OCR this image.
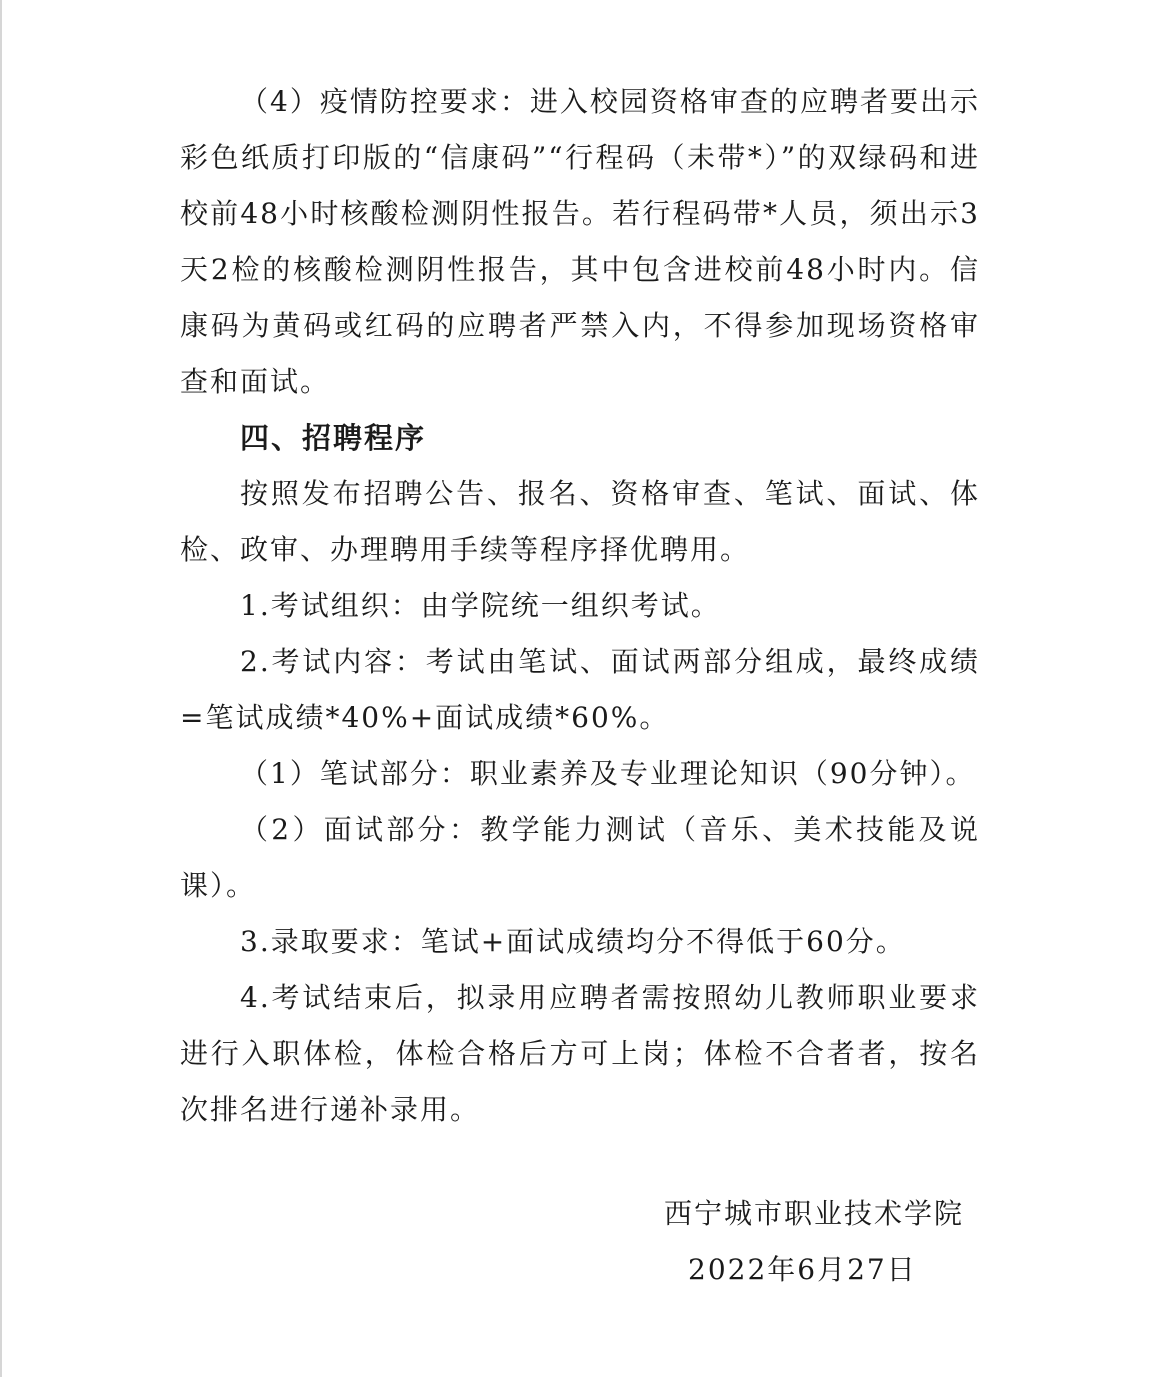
（4）疫情防控要求：进入校园资格审查的应聘者要出示彩色纸质打印版的“信康码”“行程码（未带*）”的双绿码和进校前48小时核酸检测阴性报告。若行程码带*人员，须出示3天2检的核酸检测阴性报告，其中包含进校前48小时内。信康码为黄码或红码的应聘者严禁入内，不得参加现场资格审查和面试。

四、招聘程序

按照发布招聘公告、报名、资格审查、笔试、面试、体检、政审、办理聘用手续等程序择优聘用。

1.考试组织：由学院统一组织考试。

2.考试内容：考试由笔试、面试两部分组成，最终成绩=笔试成绩*40%+面试成绩*60%。

（1）笔试部分：职业素养及专业理论知识（90分钟）。

（2）面试部分：教学能力测试（音乐、美术技能及说课）。

3.录取要求：笔试+面试成绩均分不得低于60分。

4.考试结束后，拟录用应聘者需按照幼儿教师职业要求进行入职体检，体检合格后方可上岗；体检不合者者，按名次排名进行递补录用。

西宁城市职业技术学院
2022年6月27日
